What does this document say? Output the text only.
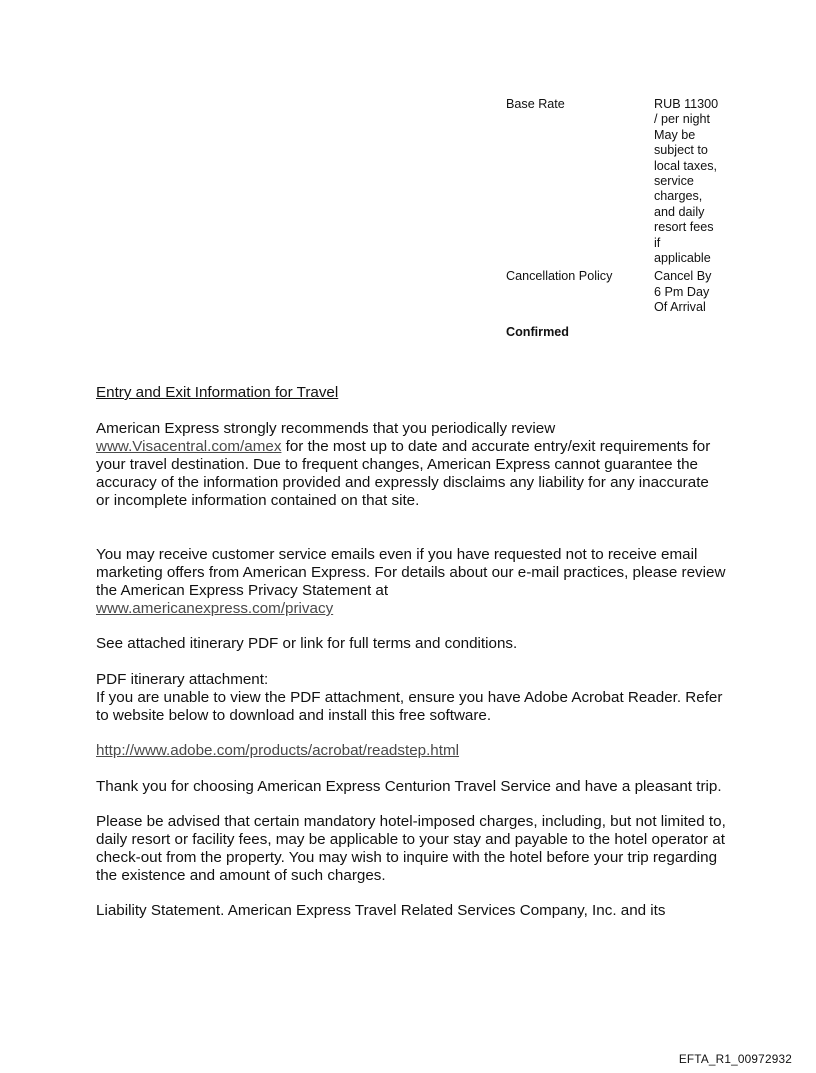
Base Rate	RUB 11300 / per night May be subject to local taxes, service charges, and daily resort fees if applicable
Cancellation Policy	Cancel By 6 Pm Day Of Arrival
Confirmed

Entry and Exit Information for Travel

American Express strongly recommends that you periodically review www.Visacentral.com/amex for the most up to date and accurate entry/exit requirements for your travel destination. Due to frequent changes, American Express cannot guarantee the accuracy of the information provided and expressly disclaims any liability for any inaccurate or incomplete information contained on that site.

You may receive customer service emails even if you have requested not to receive email marketing offers from American Express. For details about our e-mail practices, please review the American Express Privacy Statement at
www.americanexpress.com/privacy

See attached itinerary PDF or link for full terms and conditions.

PDF itinerary attachment:
If you are unable to view the PDF attachment, ensure you have Adobe Acrobat Reader. Refer to website below to download and install this free software.

http://www.adobe.com/products/acrobat/readstep.html

Thank you for choosing American Express Centurion Travel Service and have a pleasant trip.

Please be advised that certain mandatory hotel-imposed charges, including, but not limited to, daily resort or facility fees, may be applicable to your stay and payable to the hotel operator at check-out from the property. You may wish to inquire with the hotel before your trip regarding the existence and amount of such charges.

Liability Statement. American Express Travel Related Services Company, Inc. and its

EFTA_R1_00972932
